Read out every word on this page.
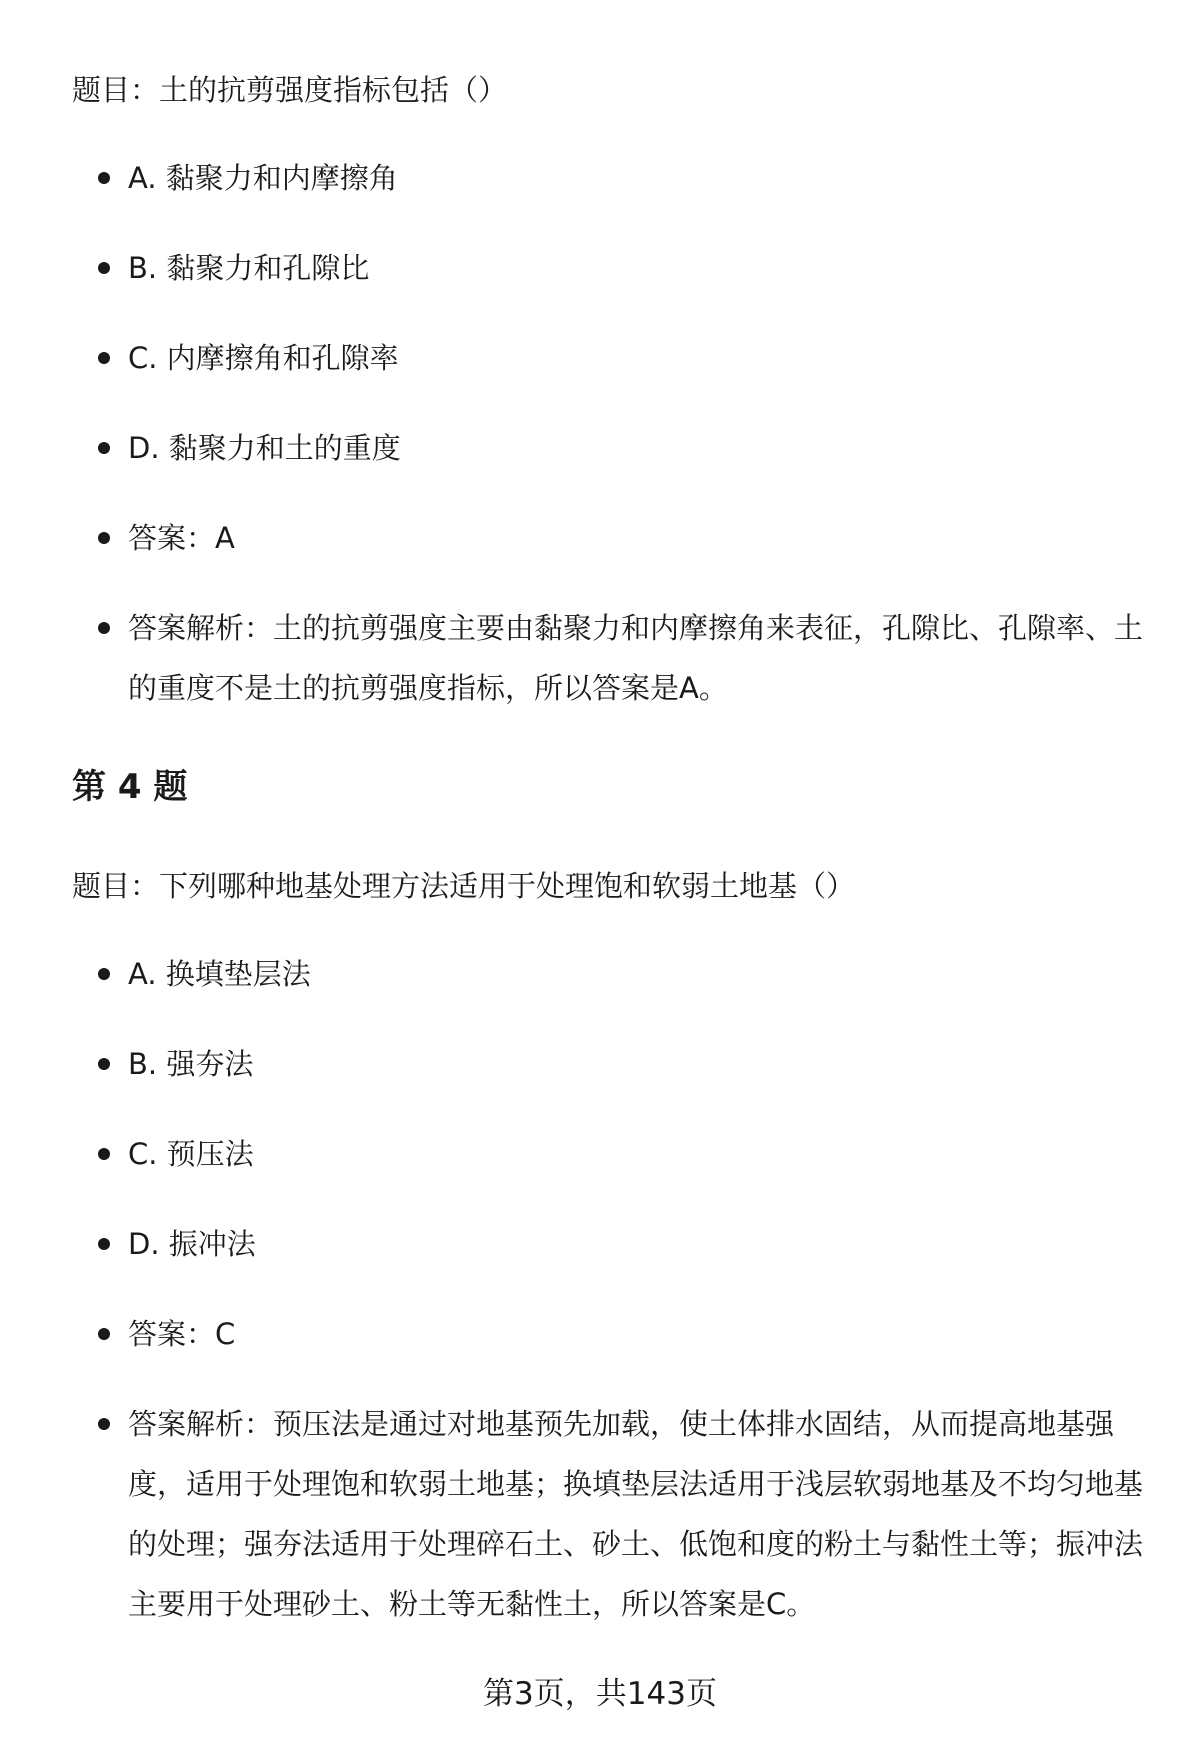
题目：土的抗剪强度指标包括（）

A. 黏聚力和内摩擦角
B. 黏聚力和孔隙比
C. 内摩擦角和孔隙率
D. 黏聚力和土的重度
答案：A
答案解析：土的抗剪强度主要由黏聚力和内摩擦角来表征，孔隙比、孔隙率、土的重度不是土的抗剪强度指标，所以答案是A。
第 4 题

题目：下列哪种地基处理方法适用于处理饱和软弱土地基（）

A. 换填垫层法
B. 强夯法
C. 预压法
D. 振冲法
答案：C
答案解析：预压法是通过对地基预先加载，使土体排水固结，从而提高地基强度，适用于处理饱和软弱土地基；换填垫层法适用于浅层软弱地基及不均匀地基的处理；强夯法适用于处理碎石土、砂土、低饱和度的粉土与黏性土等；振冲法主要用于处理砂土、粉土等无黏性土，所以答案是C。
第3页，共143页
